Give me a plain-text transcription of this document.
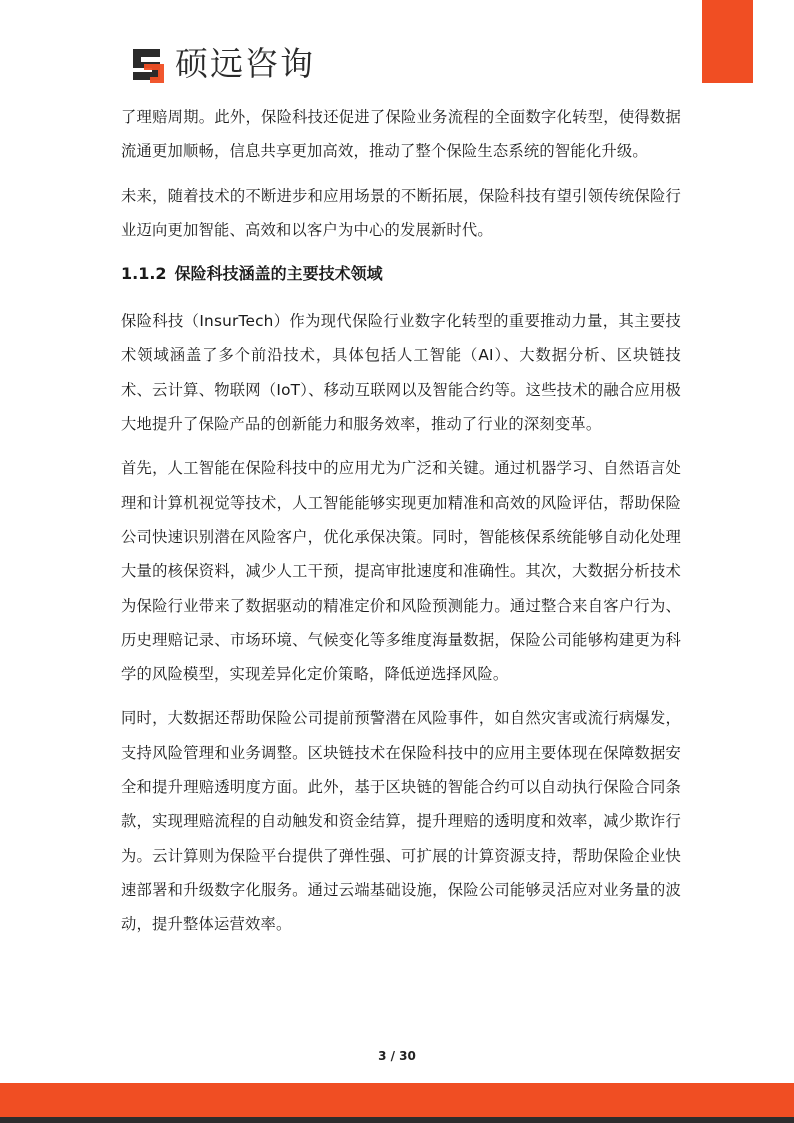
硕远咨询

了理赔周期。此外，保险科技还促进了保险业务流程的全面数字化转型，使得数据流通更加顺畅，信息共享更加高效，推动了整个保险生态系统的智能化升级。

未来，随着技术的不断进步和应用场景的不断拓展，保险科技有望引领传统保险行业迈向更加智能、高效和以客户为中心的发展新时代。

1.1.2 保险科技涵盖的主要技术领域

保险科技（InsurTech）作为现代保险行业数字化转型的重要推动力量，其主要技术领域涵盖了多个前沿技术，具体包括人工智能（AI）、大数据分析、区块链技术、云计算、物联网（IoT）、移动互联网以及智能合约等。这些技术的融合应用极大地提升了保险产品的创新能力和服务效率，推动了行业的深刻变革。

首先，人工智能在保险科技中的应用尤为广泛和关键。通过机器学习、自然语言处理和计算机视觉等技术，人工智能能够实现更加精准和高效的风险评估，帮助保险公司快速识别潜在风险客户，优化承保决策。同时，智能核保系统能够自动化处理大量的核保资料，减少人工干预，提高审批速度和准确性。其次，大数据分析技术为保险行业带来了数据驱动的精准定价和风险预测能力。通过整合来自客户行为、历史理赔记录、市场环境、气候变化等多维度海量数据，保险公司能够构建更为科学的风险模型，实现差异化定价策略，降低逆选择风险。

同时，大数据还帮助保险公司提前预警潜在风险事件，如自然灾害或流行病爆发，支持风险管理和业务调整。区块链技术在保险科技中的应用主要体现在保障数据安全和提升理赔透明度方面。此外，基于区块链的智能合约可以自动执行保险合同条款，实现理赔流程的自动触发和资金结算，提升理赔的透明度和效率，减少欺诈行为。云计算则为保险平台提供了弹性强、可扩展的计算资源支持，帮助保险企业快速部署和升级数字化服务。通过云端基础设施，保险公司能够灵活应对业务量的波动，提升整体运营效率。

3 / 30
